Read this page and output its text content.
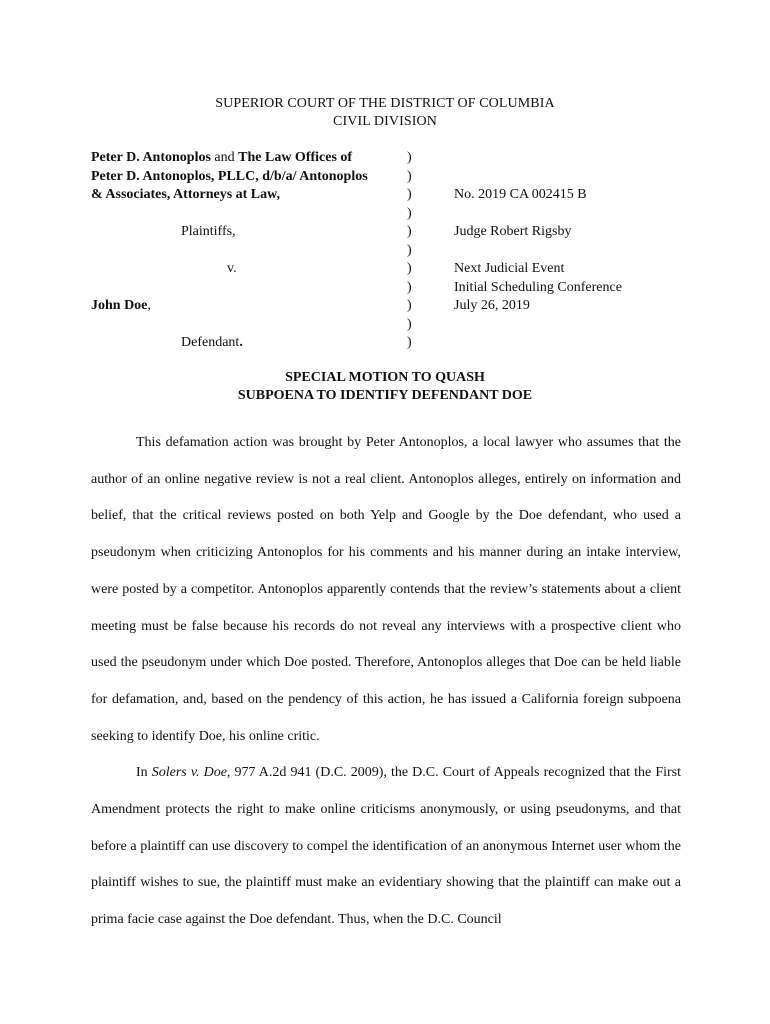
SUPERIOR COURT OF THE DISTRICT OF COLUMBIA
CIVIL DIVISION
Peter D. Antonoplos and The Law Offices of
Peter D. Antonoplos, PLLC, d/b/a/ Antonoplos
& Associates, Attorneys at Law,
Plaintiffs,
v.
John Doe,
Defendant.
)
)
)
)
)
)
)
)
)
)
)
No. 2019 CA 002415 B
Judge Robert Rigsby
Next Judicial Event
Initial Scheduling Conference
July 26, 2019
SPECIAL MOTION TO QUASH
SUBPOENA TO IDENTIFY DEFENDANT DOE

This defamation action was brought by Peter Antonoplos, a local lawyer who assumes that the author of an online negative review is not a real client. Antonoplos alleges, entirely on information and belief, that the critical reviews posted on both Yelp and Google by the Doe defendant, who used a pseudonym when criticizing Antonoplos for his comments and his manner during an intake interview, were posted by a competitor. Antonoplos apparently contends that the review’s statements about a client meeting must be false because his records do not reveal any interviews with a prospective client who used the pseudonym under which Doe posted. Therefore, Antonoplos alleges that Doe can be held liable for defamation, and, based on the pendency of this action, he has issued a California foreign subpoena seeking to identify Doe, his online critic.

In Solers v. Doe, 977 A.2d 941 (D.C. 2009), the D.C. Court of Appeals recognized that the First Amendment protects the right to make online criticisms anonymously, or using pseudonyms, and that before a plaintiff can use discovery to compel the identification of an anonymous Internet user whom the plaintiff wishes to sue, the plaintiff must make an evidentiary showing that the plaintiff can make out a prima facie case against the Doe defendant. Thus, when the D.C. Council
